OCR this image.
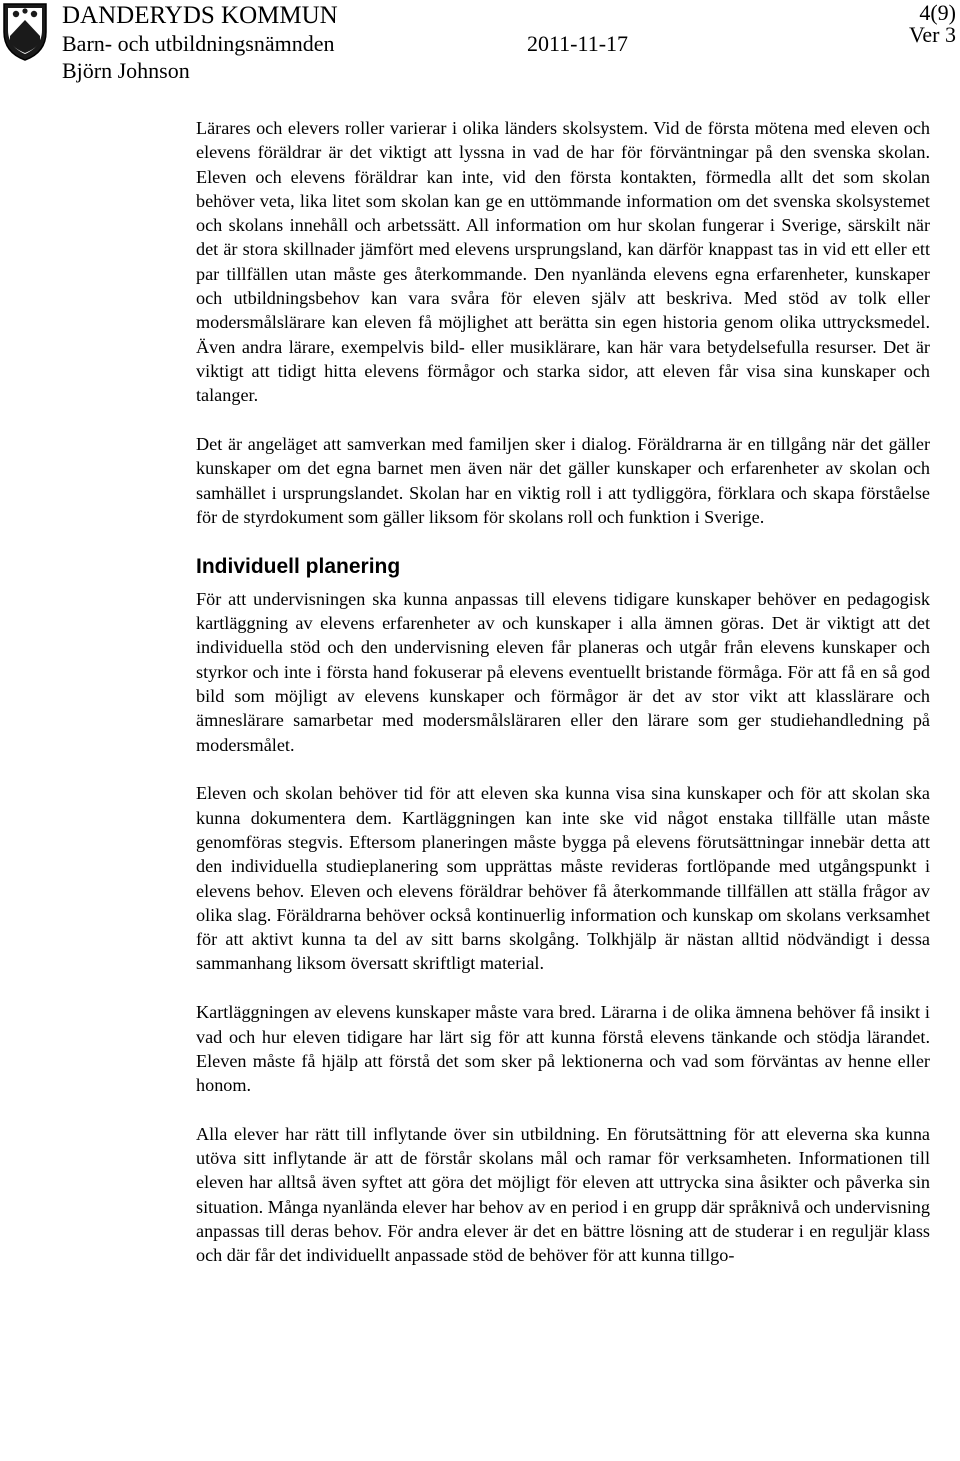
DANDERYDS KOMMUN
Barn- och utbildningsnämnden	2011-11-17
Björn Johnson
4(9)
Ver 3

Lärares och elevers roller varierar i olika länders skolsystem. Vid de första mötena med eleven och elevens föräldrar är det viktigt att lyssna in vad de har för förväntningar på den svenska skolan. Eleven och elevens föräldrar kan inte, vid den första kontakten, förmedla allt det som skolan behöver veta, lika litet som skolan kan ge en uttömmande information om det svenska skolsystemet och skolans innehåll och arbetssätt. All information om hur skolan fungerar i Sverige, särskilt när det är stora skillnader jämfört med elevens ursprungsland, kan därför knappast tas in vid ett eller ett par tillfällen utan måste ges återkommande. Den nyanlända elevens egna erfarenheter, kunskaper och utbildningsbehov kan vara svåra för eleven själv att beskriva. Med stöd av tolk eller modersmålslärare kan eleven få möjlighet att berätta sin egen historia genom olika uttrycksmedel. Även andra lärare, exempelvis bild- eller musiklärare, kan här vara betydelsefulla resurser. Det är viktigt att tidigt hitta elevens förmågor och starka sidor, att eleven får visa sina kunskaper och talanger.

Det är angeläget att samverkan med familjen sker i dialog. Föräldrarna är en tillgång när det gäller kunskaper om det egna barnet men även när det gäller kunskaper och erfarenheter av skolan och samhället i ursprungslandet. Skolan har en viktig roll i att tydliggöra, förklara och skapa förståelse för de styrdokument som gäller liksom för skolans roll och funktion i Sverige.

Individuell planering

För att undervisningen ska kunna anpassas till elevens tidigare kunskaper behöver en pedagogisk kartläggning av elevens erfarenheter av och kunskaper i alla ämnen göras. Det är viktigt att det individuella stöd och den undervisning eleven får planeras och utgår från elevens kunskaper och styrkor och inte i första hand fokuserar på elevens eventuellt bristande förmåga. För att få en så god bild som möjligt av elevens kunskaper och förmågor är det av stor vikt att klasslärare och ämneslärare samarbetar med modersmålsläraren eller den lärare som ger studiehandledning på modersmålet.

Eleven och skolan behöver tid för att eleven ska kunna visa sina kunskaper och för att skolan ska kunna dokumentera dem. Kartläggningen kan inte ske vid något enstaka tillfälle utan måste genomföras stegvis. Eftersom planeringen måste bygga på elevens förutsättningar innebär detta att den individuella studieplanering som upprättas måste revideras fortlöpande med utgångspunkt i elevens behov. Eleven och elevens föräldrar behöver få återkommande tillfällen att ställa frågor av olika slag. Föräldrarna behöver också kontinuerlig information och kunskap om skolans verksamhet för att aktivt kunna ta del av sitt barns skolgång. Tolkhjälp är nästan alltid nödvändigt i dessa sammanhang liksom översatt skriftligt material.

Kartläggningen av elevens kunskaper måste vara bred. Lärarna i de olika ämnena behöver få insikt i vad och hur eleven tidigare har lärt sig för att kunna förstå elevens tänkande och stödja lärandet. Eleven måste få hjälp att förstå det som sker på lektionerna och vad som förväntas av henne eller honom.

Alla elever har rätt till inflytande över sin utbildning. En förutsättning för att eleverna ska kunna utöva sitt inflytande är att de förstår skolans mål och ramar för verksamheten. Informationen till eleven har alltså även syftet att göra det möjligt för eleven att uttrycka sina åsikter och påverka sin situation. Många nyanlända elever har behov av en period i en grupp där språknivå och undervisning anpassas till deras behov. För andra elever är det en bättre lösning att de studerar i en reguljär klass och där får det individuellt anpassade stöd de behöver för att kunna tillgo-
